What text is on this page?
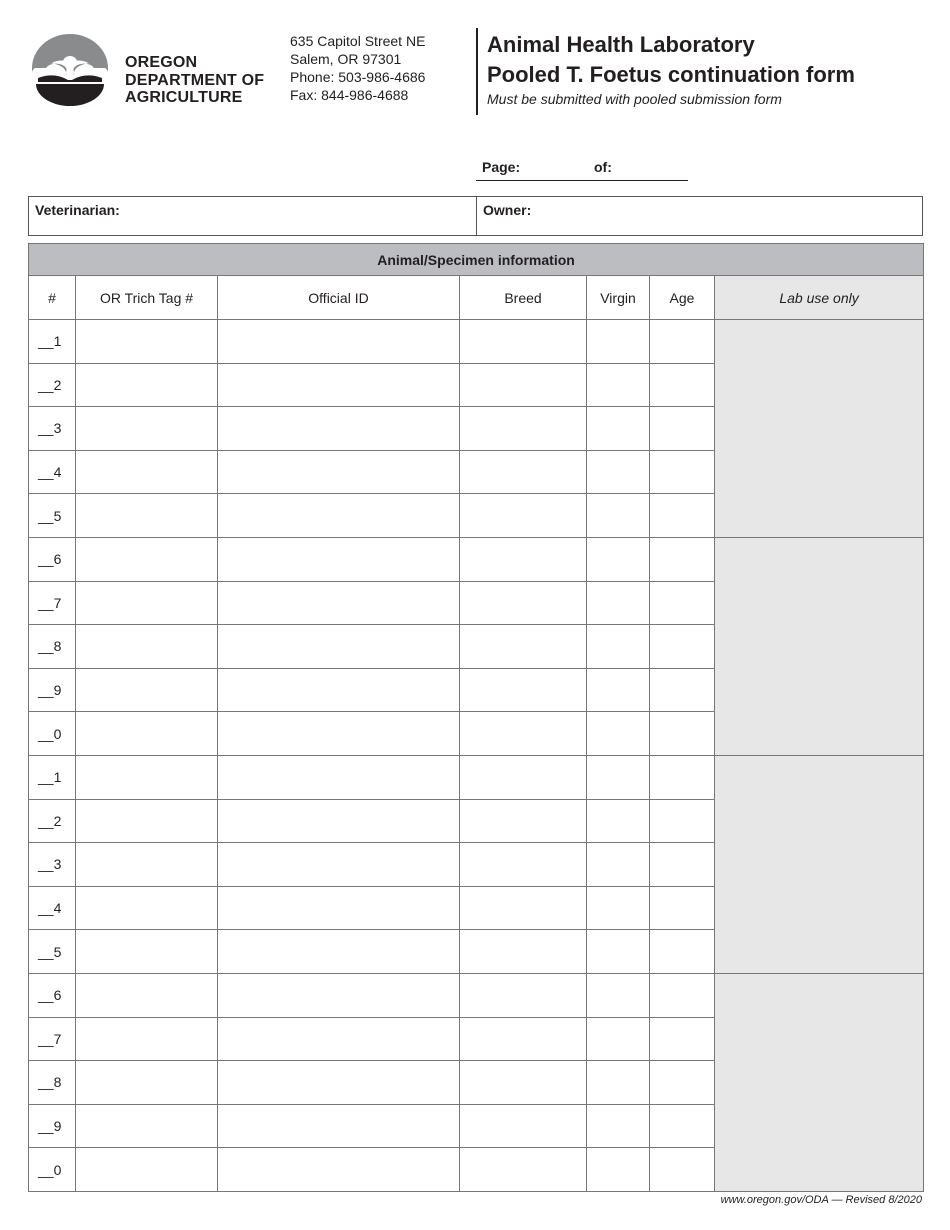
OREGON
DEPARTMENT OF
AGRICULTURE
635 Capitol Street NE
Salem, OR 97301
Phone: 503-986-4686
Fax: 844-986-4688
Animal Health Laboratory
Pooled T. Foetus continuation form
Must be submitted with pooled submission form
Page:	of:
Veterinarian:	Owner:
Animal/Specimen information						
#	OR Trich Tag #	Official ID	Breed	Virgin	Age	Lab use only
__1						
__2						
__3						
__4						
__5						
__6						
__7						
__8						
__9						
__0						
__1						
__2						
__3						
__4						
__5						
__6						
__7						
__8						
__9						
__0						
www.oregon.gov/ODA — Revised 8/2020
